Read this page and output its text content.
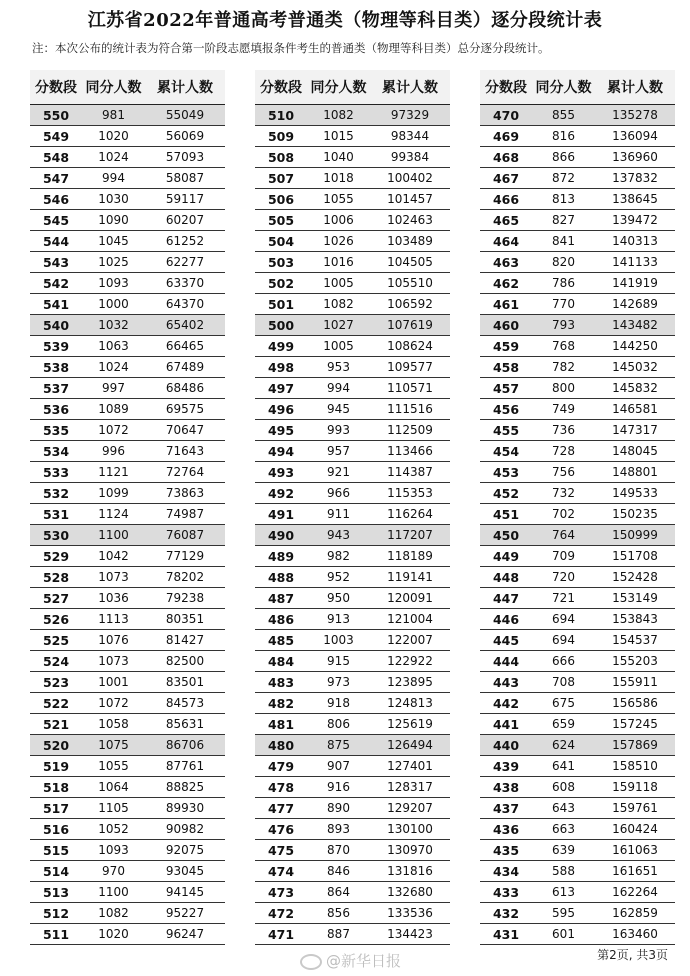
江苏省2022年普通高考普通类（物理等科目类）逐分段统计表
注：本次公布的统计表为符合第一阶段志愿填报条件考生的普通类（物理等科目类）总分逐分段统计。
分数段	同分人数	累计人数
550	981	55049
549	1020	56069
548	1024	57093
547	994	58087
546	1030	59117
545	1090	60207
544	1045	61252
543	1025	62277
542	1093	63370
541	1000	64370
540	1032	65402
539	1063	66465
538	1024	67489
537	997	68486
536	1089	69575
535	1072	70647
534	996	71643
533	1121	72764
532	1099	73863
531	1124	74987
530	1100	76087
529	1042	77129
528	1073	78202
527	1036	79238
526	1113	80351
525	1076	81427
524	1073	82500
523	1001	83501
522	1072	84573
521	1058	85631
520	1075	86706
519	1055	87761
518	1064	88825
517	1105	89930
516	1052	90982
515	1093	92075
514	970	93045
513	1100	94145
512	1082	95227
511	1020	96247
分数段	同分人数	累计人数
510	1082	97329
509	1015	98344
508	1040	99384
507	1018	100402
506	1055	101457
505	1006	102463
504	1026	103489
503	1016	104505
502	1005	105510
501	1082	106592
500	1027	107619
499	1005	108624
498	953	109577
497	994	110571
496	945	111516
495	993	112509
494	957	113466
493	921	114387
492	966	115353
491	911	116264
490	943	117207
489	982	118189
488	952	119141
487	950	120091
486	913	121004
485	1003	122007
484	915	122922
483	973	123895
482	918	124813
481	806	125619
480	875	126494
479	907	127401
478	916	128317
477	890	129207
476	893	130100
475	870	130970
474	846	131816
473	864	132680
472	856	133536
471	887	134423
分数段	同分人数	累计人数
470	855	135278
469	816	136094
468	866	136960
467	872	137832
466	813	138645
465	827	139472
464	841	140313
463	820	141133
462	786	141919
461	770	142689
460	793	143482
459	768	144250
458	782	145032
457	800	145832
456	749	146581
455	736	147317
454	728	148045
453	756	148801
452	732	149533
451	702	150235
450	764	150999
449	709	151708
448	720	152428
447	721	153149
446	694	153843
445	694	154537
444	666	155203
443	708	155911
442	675	156586
441	659	157245
440	624	157869
439	641	158510
438	608	159118
437	643	159761
436	663	160424
435	639	161063
434	588	161651
433	613	162264
432	595	162859
431	601	163460
@新华日报	第2页, 共3页
